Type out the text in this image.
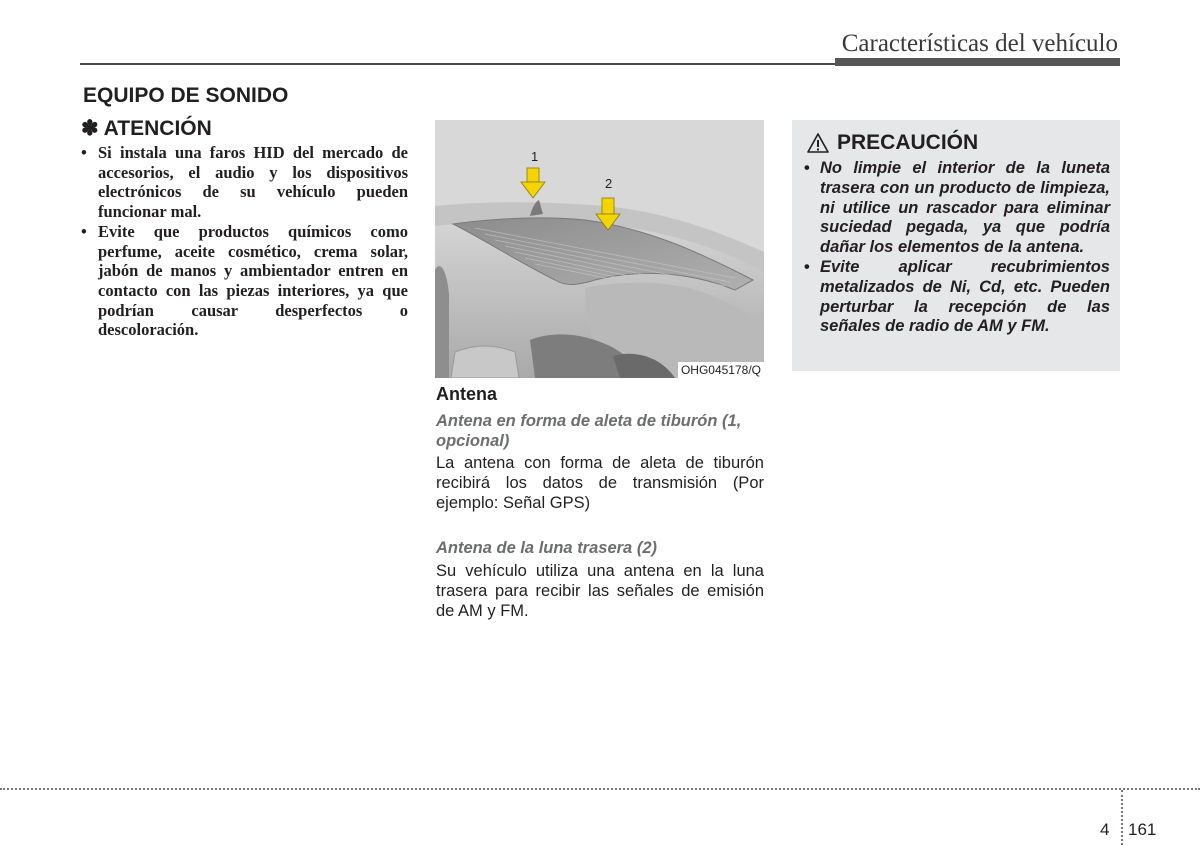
Características del vehículo
EQUIPO DE SONIDO
✽ ATENCIÓN
• Si instala una faros HID del mercado de accesorios, el audio y los dispositivos electrónicos de su vehículo pueden funcionar mal.
• Evite que productos químicos como perfume, aceite cosmético, crema solar, jabón de manos y ambientador entren en contacto con las piezas interiores, ya que podrían causar desperfectos o descoloración.
1
2
OHG045178/Q
Antena
Antena en forma de aleta de tiburón (1, opcional)
La antena con forma de aleta de tiburón recibirá los datos de transmisión (Por ejemplo: Señal GPS)
Antena de la luna trasera (2)
Su vehículo utiliza una antena en la luna trasera para recibir las señales de emisión de AM y FM.
PRECAUCIÓN
• No limpie el interior de la luneta trasera con un producto de limpieza, ni utilice un rascador para eliminar suciedad pegada, ya que podría dañar los elementos de la antena.
• Evite aplicar recubrimientos metalizados de Ni, Cd, etc. Pueden perturbar la recepción de las señales de radio de AM y FM.
4 161
